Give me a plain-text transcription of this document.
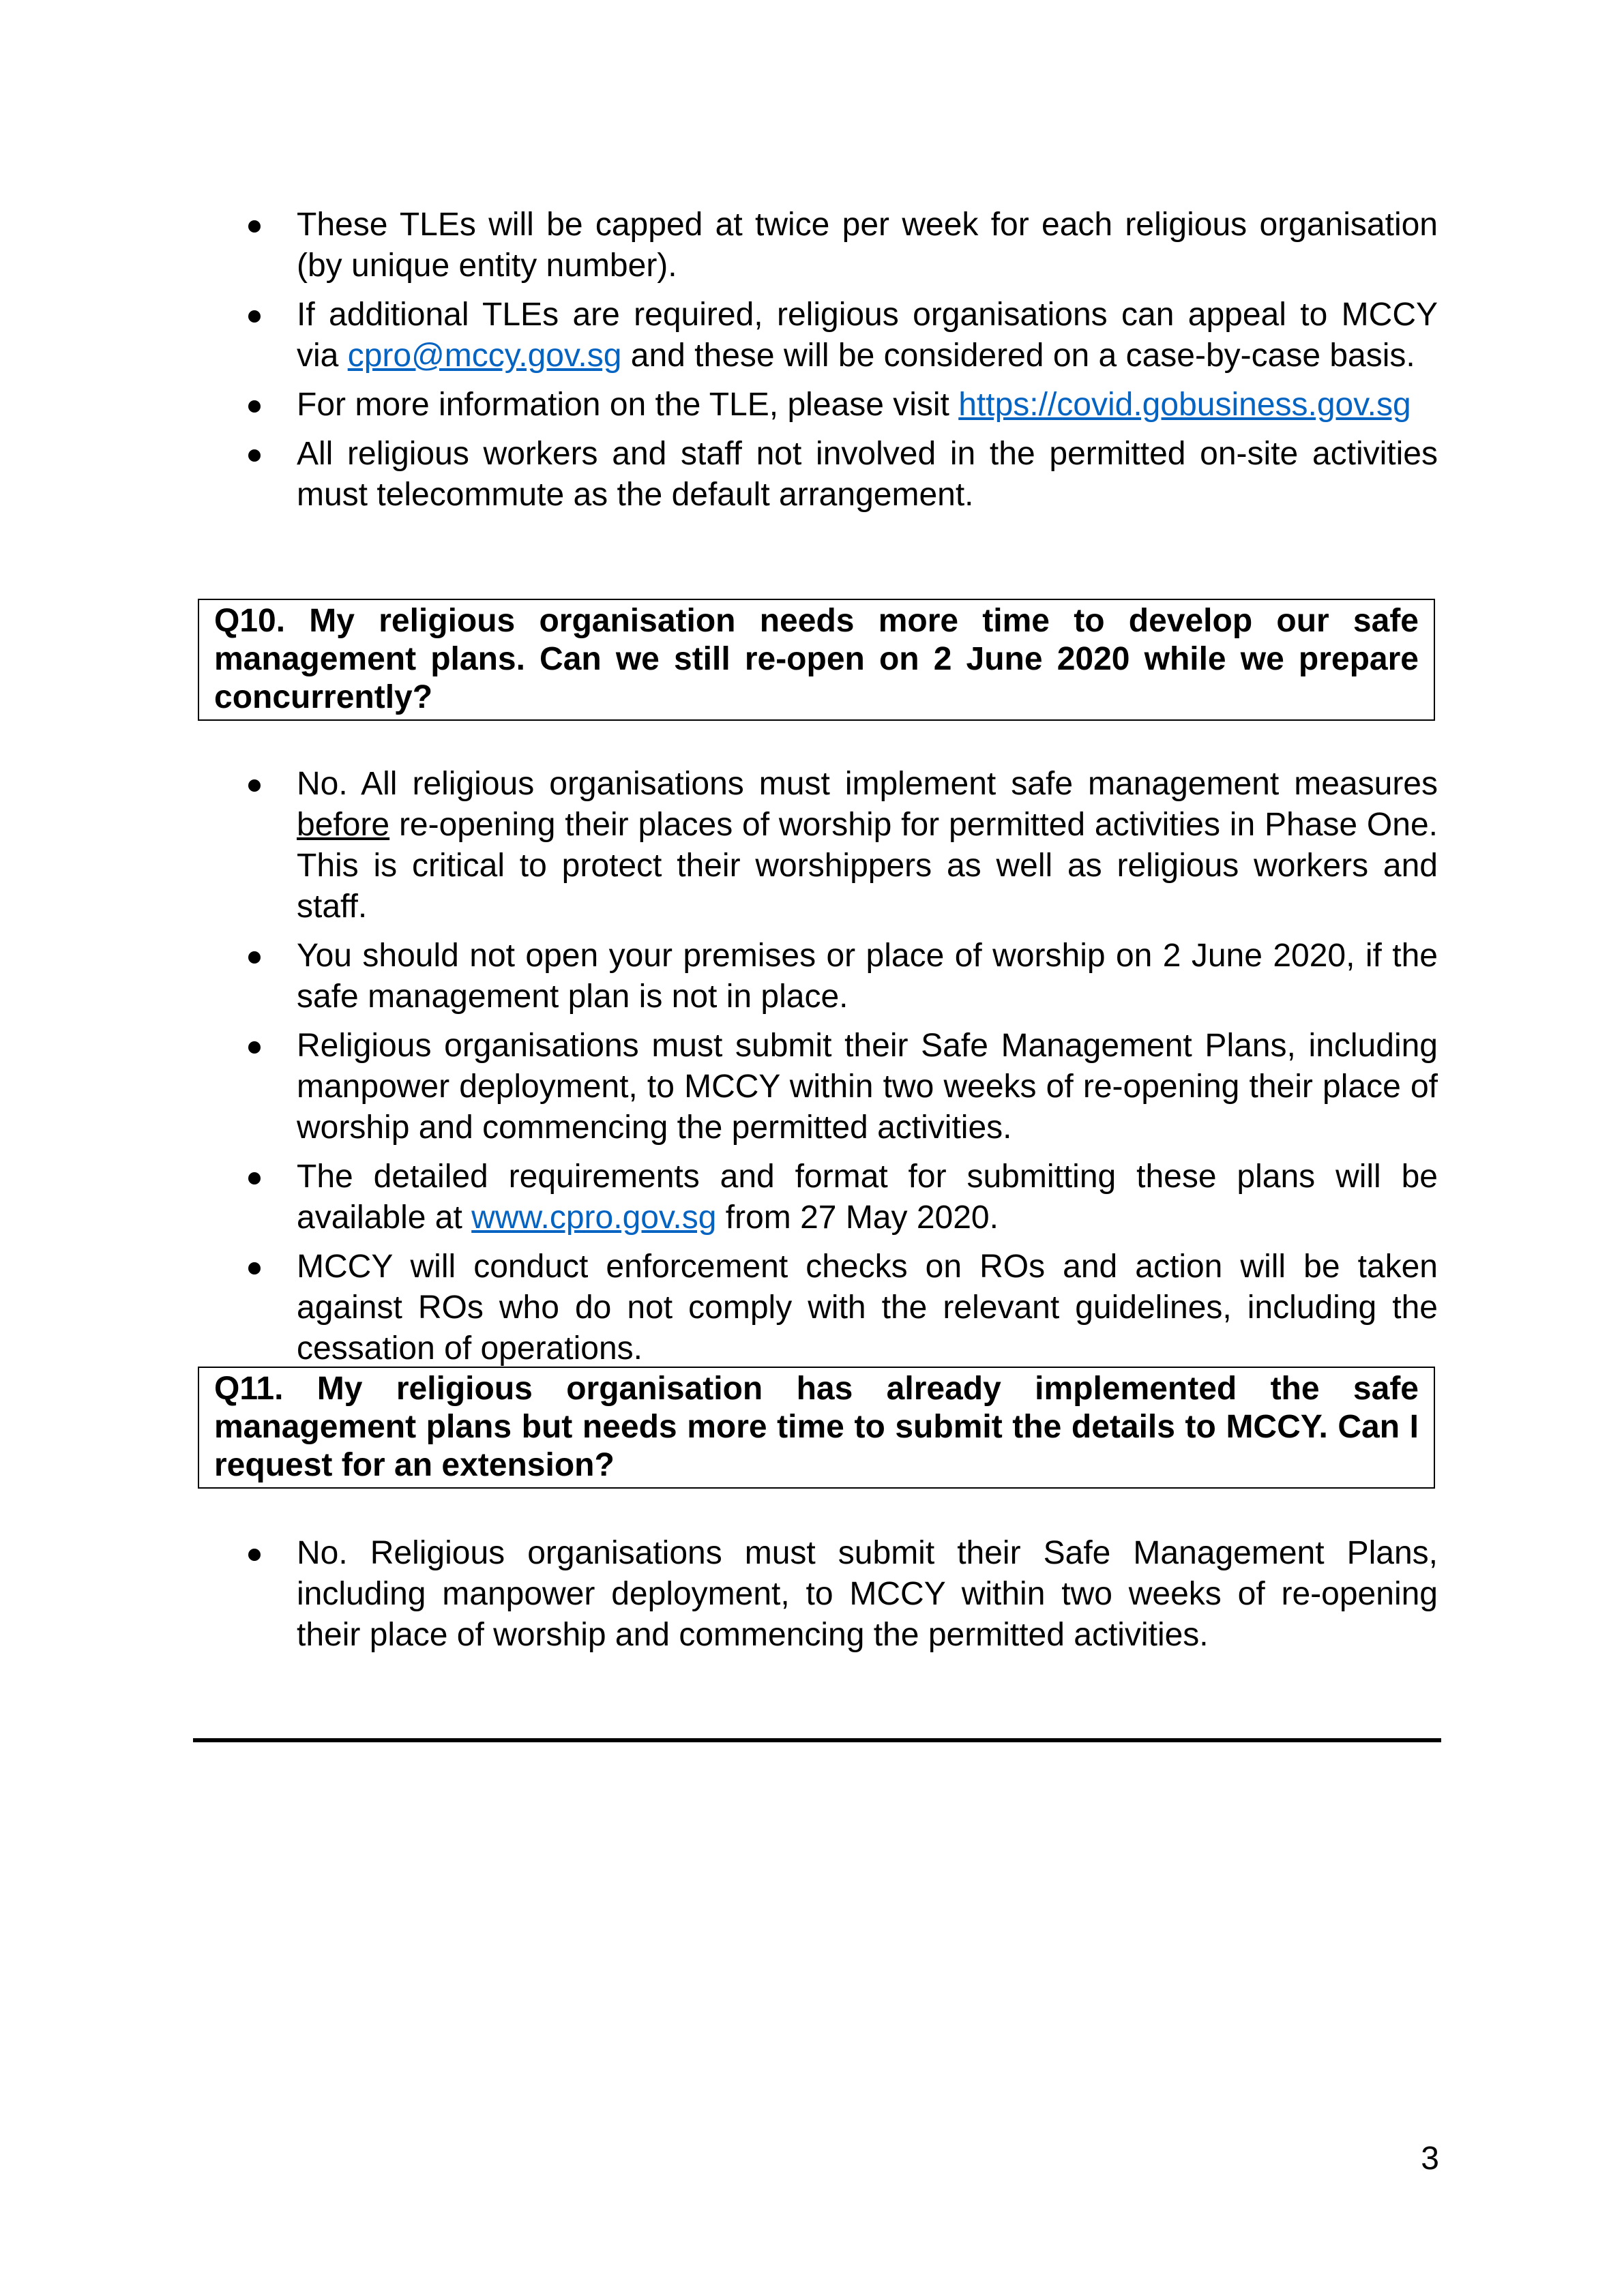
These TLEs will be capped at twice per week for each religious organisation (by unique entity number).
If additional TLEs are required, religious organisations can appeal to MCCY via cpro@mccy.gov.sg and these will be considered on a case-by-case basis.
For more information on the TLE, please visit https://covid.gobusiness.gov.sg
All religious workers and staff not involved in the permitted on-site activities must telecommute as the default arrangement.
Q10. My religious organisation needs more time to develop our safe management plans. Can we still re-open on 2 June 2020 while we prepare concurrently?
No. All religious organisations must implement safe management measures before re-opening their places of worship for permitted activities in Phase One. This is critical to protect their worshippers as well as religious workers and staff.
You should not open your premises or place of worship on 2 June 2020, if the safe management plan is not in place.
Religious organisations must submit their Safe Management Plans, including manpower deployment, to MCCY within two weeks of re-opening their place of worship and commencing the permitted activities.
The detailed requirements and format for submitting these plans will be available at www.cpro.gov.sg from 27 May 2020.
MCCY will conduct enforcement checks on ROs and action will be taken against ROs who do not comply with the relevant guidelines, including the cessation of operations.
Q11. My religious organisation has already implemented the safe management plans but needs more time to submit the details to MCCY. Can I request for an extension?
No. Religious organisations must submit their Safe Management Plans, including manpower deployment, to MCCY within two weeks of re-opening their place of worship and commencing the permitted activities.
3
